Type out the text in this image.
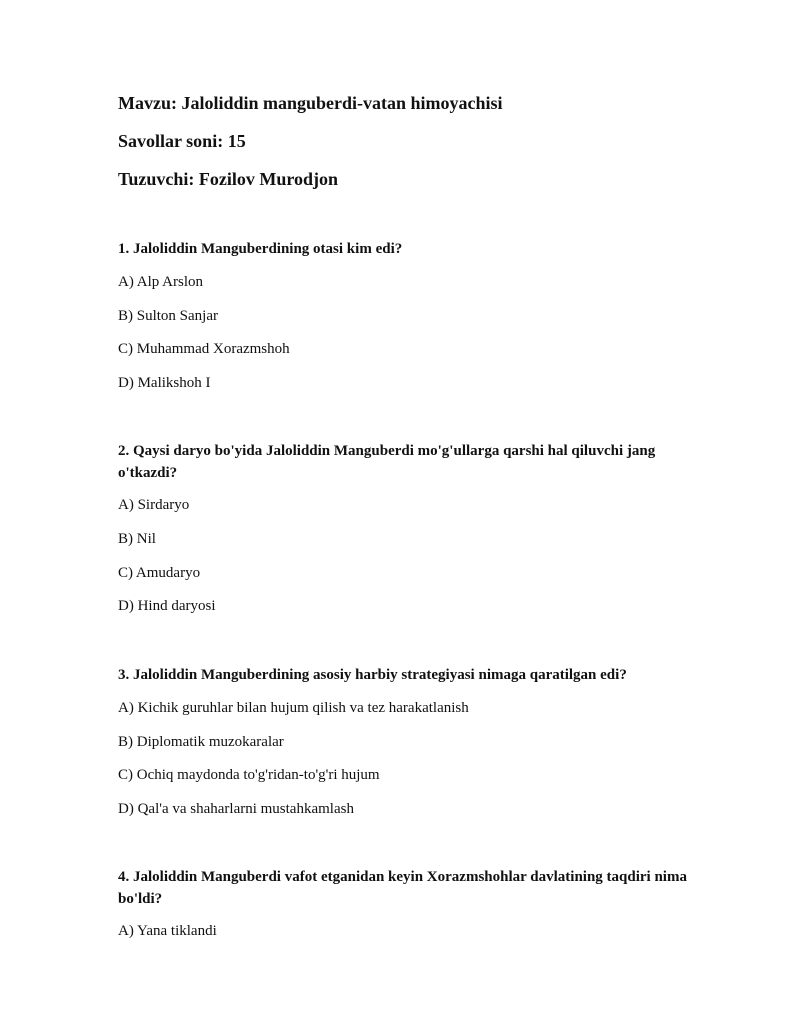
Mavzu: Jaloliddin manguberdi-vatan himoyachisi
Savollar soni: 15
Tuzuvchi: Fozilov Murodjon
1. Jaloliddin Manguberdining otasi kim edi?
A) Alp Arslon
B) Sulton Sanjar
C) Muhammad Xorazmshoh
D) Malikshoh I
2. Qaysi daryo bo'yida Jaloliddin Manguberdi mo'g'ullarga qarshi hal qiluvchi jang o'tkazdi?
A) Sirdaryo
B) Nil
C) Amudaryo
D) Hind daryosi
3. Jaloliddin Manguberdining asosiy harbiy strategiyasi nimaga qaratilgan edi?
A) Kichik guruhlar bilan hujum qilish va tez harakatlanish
B) Diplomatik muzokaralar
C) Ochiq maydonda to'g'ridan-to'g'ri hujum
D) Qal'a va shaharlarni mustahkamlash
4. Jaloliddin Manguberdi vafot etganidan keyin Xorazmshohlar davlatining taqdiri nima bo'ldi?
A) Yana tiklandi
